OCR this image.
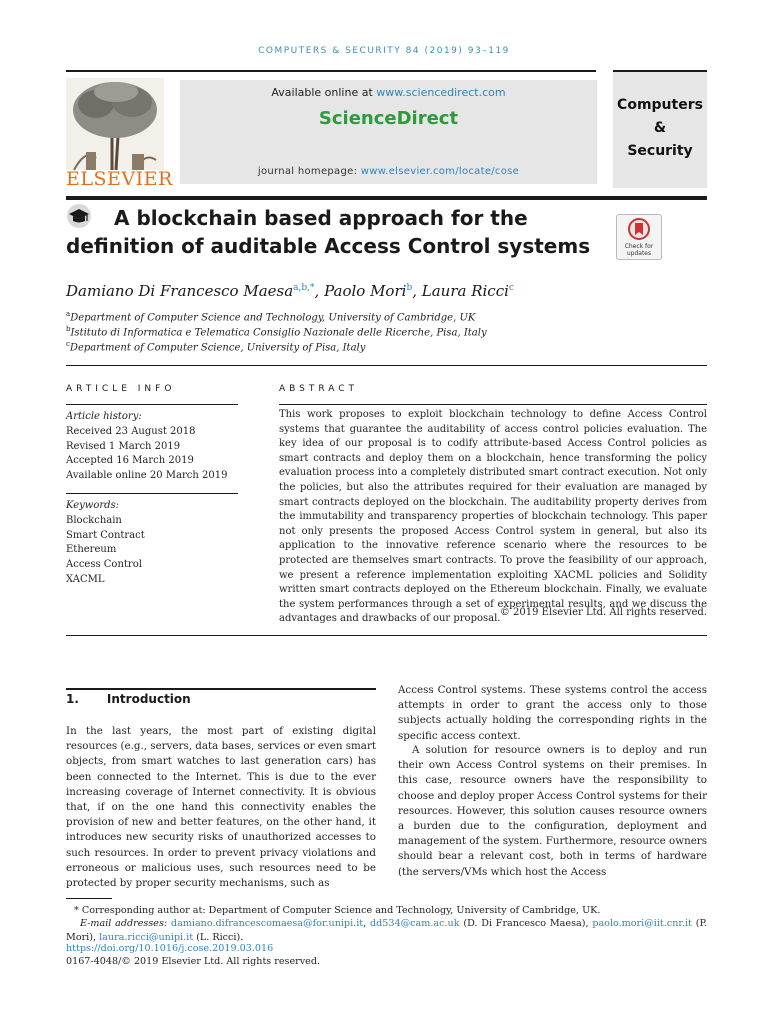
COMPUTERS & SECURITY 84 (2019) 93–119
ELSEVIER
Available online at www.sciencedirect.com
ScienceDirect
journal homepage: www.elsevier.com/locate/cose
Computers
&
Security
A blockchain based approach for the
definition of auditable Access Control systems	Check for updates
Damiano Di Francesco Maesa$^{a,b,*}$, Paolo Mori$^b$, Laura Ricci$^c$
$^a$Department of Computer Science and Technology, University of Cambridge, UK
$^b$Istituto di Informatica e Telematica Consiglio Nazionale delle Ricerche, Pisa, Italy
$^c$Department of Computer Science, University of Pisa, Italy
ARTICLE INFO
Article history:
Received 23 August 2018
Revised 1 March 2019
Accepted 16 March 2019
Available online 20 March 2019
Keywords:
Blockchain
Smart Contract
Ethereum
Access Control
XACML
ABSTRACT
This work proposes to exploit blockchain technology to define Access Control systems that guarantee the auditability of access control policies evaluation. The key idea of our proposal is to codify attribute-based Access Control policies as smart contracts and deploy them on a blockchain, hence transforming the policy evaluation process into a completely distributed smart contract execution. Not only the policies, but also the attributes required for their evaluation are managed by smart contracts deployed on the blockchain. The auditability property derives from the immutability and transparency properties of blockchain technology. This paper not only presents the proposed Access Control system in general, but also its application to the innovative reference scenario where the resources to be protected are themselves smart contracts. To prove the feasibility of our approach, we present a reference implementation exploiting XACML policies and Solidity written smart contracts deployed on the Ethereum blockchain. Finally, we evaluate the system performances through a set of experimental results, and we discuss the advantages and drawbacks of our proposal.
© 2019 Elsevier Ltd. All rights reserved.
1. Introduction
In the last years, the most part of existing digital resources (e.g., servers, data bases, services or even smart objects, from smart watches to last generation cars) has been connected to the Internet. This is due to the ever increasing coverage of Internet connectivity. It is obvious that, if on the one hand this connectivity enables the provision of new and better features, on the other hand, it introduces new security risks of unauthorized accesses to such resources. In order to prevent privacy violations and erroneous or malicious uses, such resources need to be protected by proper security mechanisms, such as
Access Control systems. These systems control the access attempts in order to grant the access only to those subjects actually holding the corresponding rights in the specific access context.
A solution for resource owners is to deploy and run their own Access Control systems on their premises. In this case, resource owners have the responsibility to choose and deploy proper Access Control systems for their resources. However, this solution causes resource owners a burden due to the configuration, deployment and management of the system. Furthermore, resource owners should bear a relevant cost, both in terms of hardware (the servers/VMs which host the Access
* Corresponding author at: Department of Computer Science and Technology, University of Cambridge, UK.
E-mail addresses: damiano.difrancescomaesa@for.unipi.it, dd534@cam.ac.uk (D. Di Francesco Maesa), paolo.mori@iit.cnr.it (P. Mori), laura.ricci@unipi.it (L. Ricci).
https://doi.org/10.1016/j.cose.2019.03.016
0167-4048/© 2019 Elsevier Ltd. All rights reserved.
